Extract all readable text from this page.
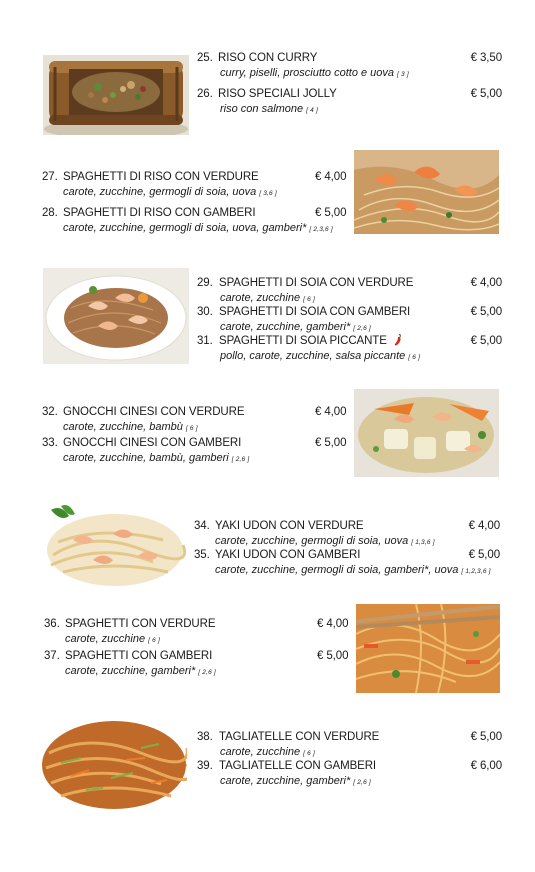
25. RISO CON CURRY	€ 3,50
curry, piselli, prosciutto cotto e uova [ 3 ]
26. RISO SPECIALI JOLLY	€ 5,00
riso con salmone [ 4 ]
27. SPAGHETTI DI RISO CON VERDURE	€ 4,00
carote, zucchine, germogli di soia, uova [ 3,6 ]
28. SPAGHETTI DI RISO CON GAMBERI	€ 5,00
carote, zucchine, germogli di soia, uova, gamberi* [ 2,3,6 ]
29. SPAGHETTI DI SOIA CON VERDURE	€ 4,00
carote, zucchine [ 6 ]
30. SPAGHETTI DI SOIA CON GAMBERI	€ 5,00
carote, zucchine, gamberi* [ 2,6 ]
31. SPAGHETTI DI SOIA PICCANTE	€ 5,00
pollo, carote, zucchine, salsa piccante [ 6 ]
32. GNOCCHI CINESI CON VERDURE	€ 4,00
carote, zucchine, bambù [ 6 ]
33. GNOCCHI CINESI CON GAMBERI	€ 5,00
carote, zucchine, bambù, gamberi [ 2,6 ]
34. YAKI UDON CON VERDURE	€ 4,00
carote, zucchine, germogli di soia, uova [ 1,3,6 ]
35. YAKI UDON CON GAMBERI	€ 5,00
carote, zucchine, germogli di soia, gamberi*, uova [ 1,2,3,6 ]
36. SPAGHETTI CON VERDURE	€ 4,00
carote, zucchine [ 6 ]
37. SPAGHETTI CON GAMBERI	€ 5,00
carote, zucchine, gamberi* [ 2,6 ]
38. TAGLIATELLE CON VERDURE	€ 5,00
carote, zucchine [ 6 ]
39. TAGLIATELLE CON GAMBERI	€ 6,00
carote, zucchine, gamberi* [ 2,6 ]
